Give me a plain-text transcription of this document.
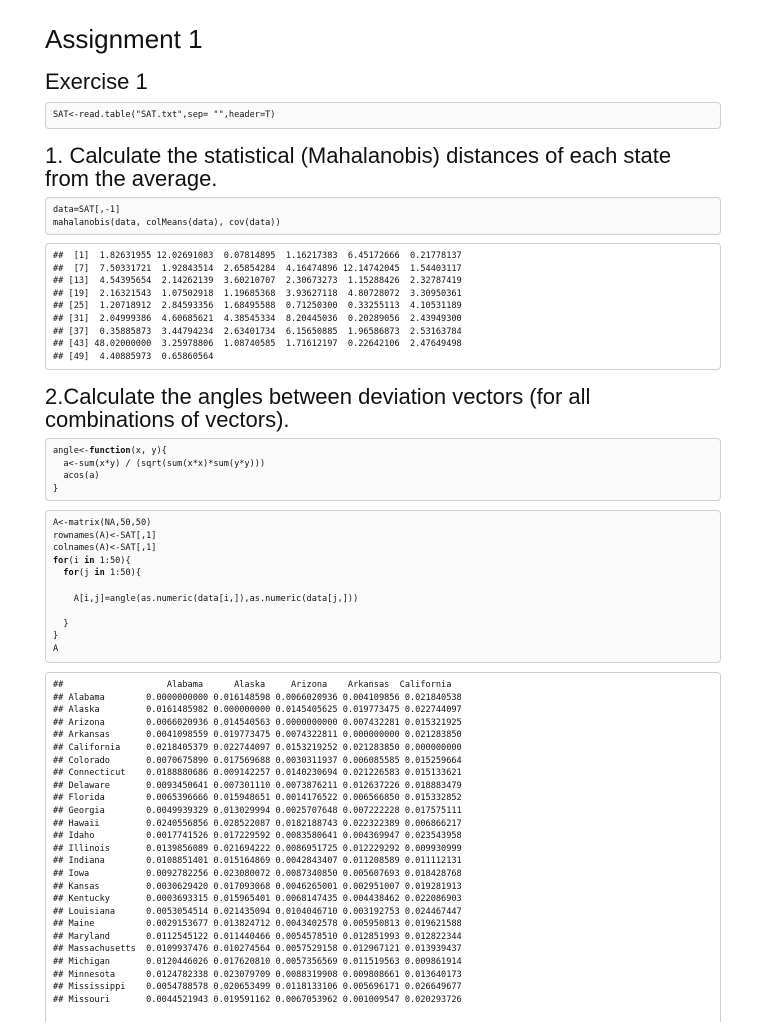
Assignment 1
Exercise 1
SAT<-read.table("SAT.txt",sep= "",header=T)
1. Calculate the statistical (Mahalanobis) distances of each state from the average.
data=SAT[,-1]
mahalanobis(data, colMeans(data), cov(data))
##  [1]  1.82631955 12.02691083  0.07814895  1.16217383  6.45172666  0.21778137
##  [7]  7.50331721  1.92843514  2.65854284  4.16474896 12.14742045  1.54403117
## [13]  4.54395654  2.14262139  3.60210707  2.30673273  1.15288426  2.32787419
## [19]  2.16321543  1.07502918  1.19685368  3.93627118  4.80728072  3.30950361
## [25]  1.20718912  2.84593356  1.68495588  0.71250300  0.33255113  4.10531189
## [31]  2.04999386  4.60685621  4.38545334  8.20445036  0.20289056  2.43949300
## [37]  0.35885873  3.44794234  2.63401734  6.15650885  1.96586873  2.53163784
## [43] 48.02000000  3.25978806  1.08740585  1.71612197  0.22642106  2.47649498
## [49]  4.40885973  0.65860564
2.Calculate the angles between deviation vectors (for all combinations of vectors).
angle<-function(x, y){
a<-sum(x*y) / (sqrt(sum(x*x)*sum(y*y)))
acos(a)
}
A<-matrix(NA,50,50)
rownames(A)<-SAT[,1]
colnames(A)<-SAT[,1]
for(i in 1:50){
for(j in 1:50){

A[i,j]=angle(as.numeric(data[i,]),as.numeric(data[j,]))

}
}
A
##                    Alabama      Alaska     Arizona    Arkansas  California
## Alabama        0.0000000000 0.016148598 0.0066020936 0.004109856 0.021840538
## Alaska         0.0161485982 0.000000000 0.0145405625 0.019773475 0.022744097
## Arizona        0.0066020936 0.014540563 0.0000000000 0.007432281 0.015321925
## Arkansas       0.0041098559 0.019773475 0.0074322811 0.000000000 0.021283850
## California     0.0218405379 0.022744097 0.0153219252 0.021283850 0.000000000
## Colorado       0.0070675890 0.017569688 0.0030311937 0.006085585 0.015259664
## Connecticut    0.0188880686 0.009142257 0.0140230694 0.021226583 0.015133621
## Delaware       0.0093450641 0.007301110 0.0073876211 0.012637226 0.018883479
## Florida        0.0065396666 0.015948651 0.0014176522 0.006566850 0.015332852
## Georgia        0.0049939329 0.013029994 0.0025707648 0.007222228 0.017575111
## Hawaii         0.0240556856 0.028522087 0.0182188743 0.022322389 0.006866217
## Idaho          0.0017741526 0.017229592 0.0083580641 0.004369947 0.023543958
## Illinois       0.0139856089 0.021694222 0.0086951725 0.012229292 0.009930999
## Indiana        0.0108851401 0.015164869 0.0042843407 0.011208589 0.011112131
## Iowa           0.0092782256 0.023080072 0.0087340850 0.005607693 0.018428768
## Kansas         0.0030629420 0.017093068 0.0046265001 0.002951007 0.019281913
## Kentucky       0.0003693315 0.015965401 0.0068147435 0.004438462 0.022086903
## Louisiana      0.0053054514 0.021435094 0.0104046710 0.003192753 0.024467447
## Maine          0.0029153677 0.013824712 0.0043402578 0.005950813 0.019621588
## Maryland       0.0112545122 0.011440466 0.0054578510 0.012851993 0.012822344
## Massachusetts  0.0109937476 0.010274564 0.0057529158 0.012967121 0.013939437
## Michigan       0.0120446026 0.017620810 0.0057356569 0.011519563 0.009861914
## Minnesota      0.0124782338 0.023079709 0.0088319908 0.009808661 0.013640173
## Mississippi    0.0054788578 0.020653499 0.0118133106 0.005696171 0.026649677
## Missouri       0.0044521943 0.019591162 0.0067053962 0.001009547 0.020293726
